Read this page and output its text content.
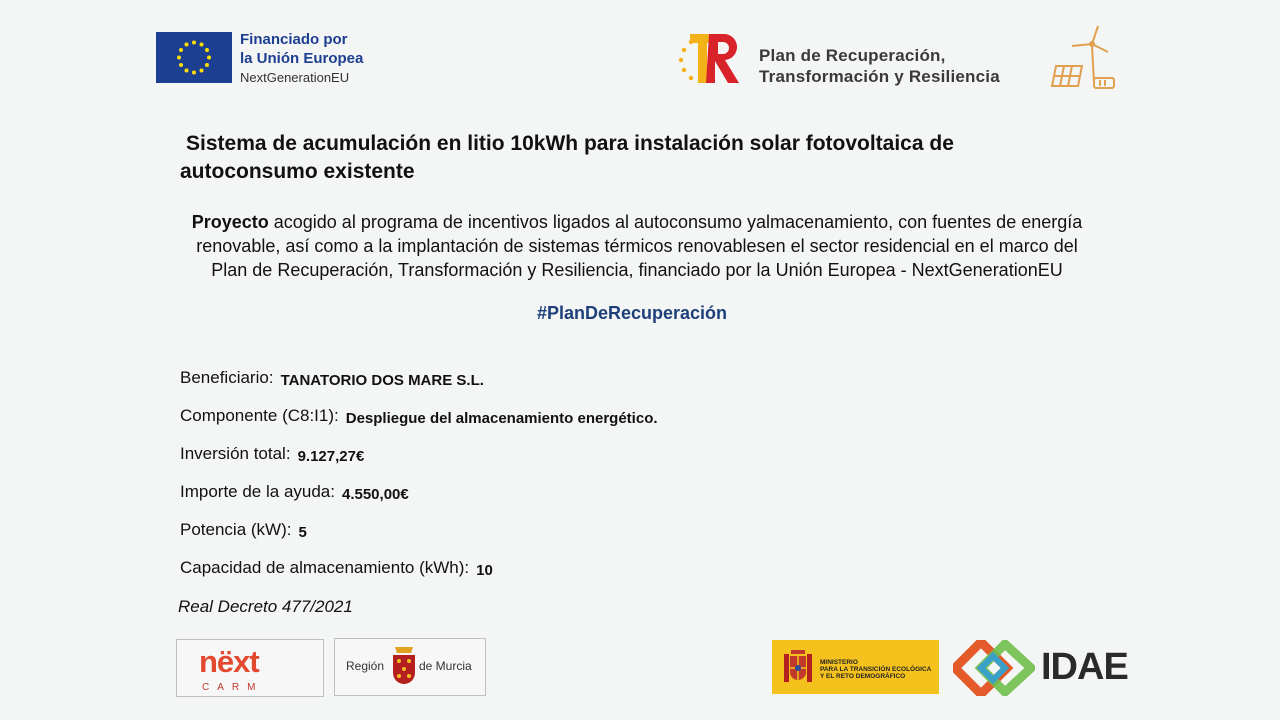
Financiado por
la Unión Europea
NextGenerationEU
Plan de Recuperación,
Transformación y Resiliencia
Sistema de acumulación en litio 10kWh para instalación solar fotovoltaica de
autoconsumo existente
Proyecto acogido al programa de incentivos ligados al autoconsumo yalmacenamiento, con fuentes de energía
renovable, así como a la implantación de sistemas térmicos renovablesen el sector residencial en el marco del
Plan de Recuperación, Transformación y Resiliencia, financiado por la Unión Europea - NextGenerationEU
#PlanDeRecuperación
Beneficiario: TANATORIO DOS MARE S.L.
Componente (C8:I1): Despliegue del almacenamiento energético.
Inversión total: 9.127,27€
Importe de la ayuda: 4.550,00€
Potencia (kW): 5
Capacidad de almacenamiento (kWh): 10
Real Decreto 477/2021
nëxt
CARM
Región	de Murcia	MINISTERIO
PARA LA TRANSICIÓN ECOLÓGICA
Y EL RETO DEMOGRÁFICO	IDAE
